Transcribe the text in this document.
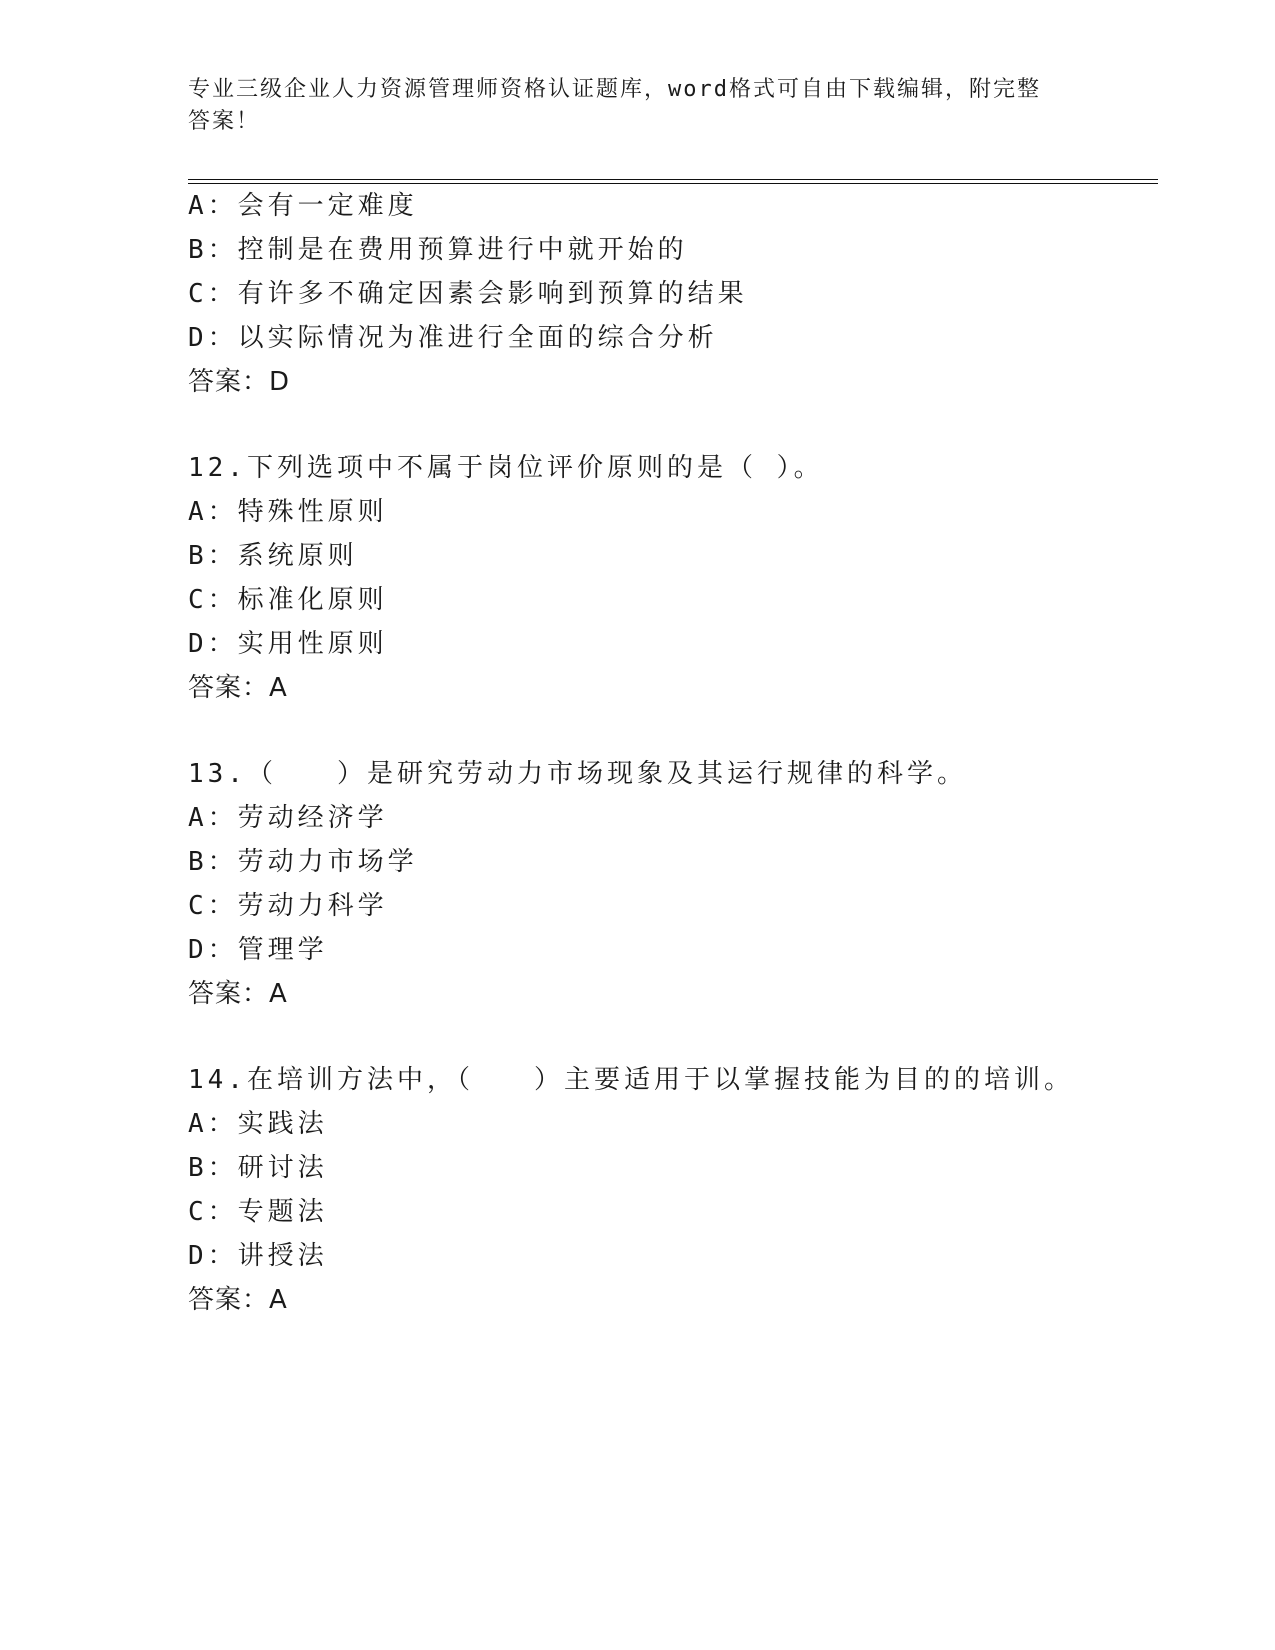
专业三级企业人力资源管理师资格认证题库，word格式可自由下载编辑，附完整
答案！
A：会有一定难度
B：控制是在费用预算进行中就开始的
C：有许多不确定因素会影响到预算的结果
D：以实际情况为准进行全面的综合分析
答案：D
12.下列选项中不属于岗位评价原则的是（ ）。
A：特殊性原则
B：系统原则
C：标准化原则
D：实用性原则
答案：A
13.（　　）是研究劳动力市场现象及其运行规律的科学。
A：劳动经济学
B：劳动力市场学
C：劳动力科学
D：管理学
答案：A
14.在培训方法中，（　　）主要适用于以掌握技能为目的的培训。
A：实践法
B：研讨法
C：专题法
D：讲授法
答案：A
